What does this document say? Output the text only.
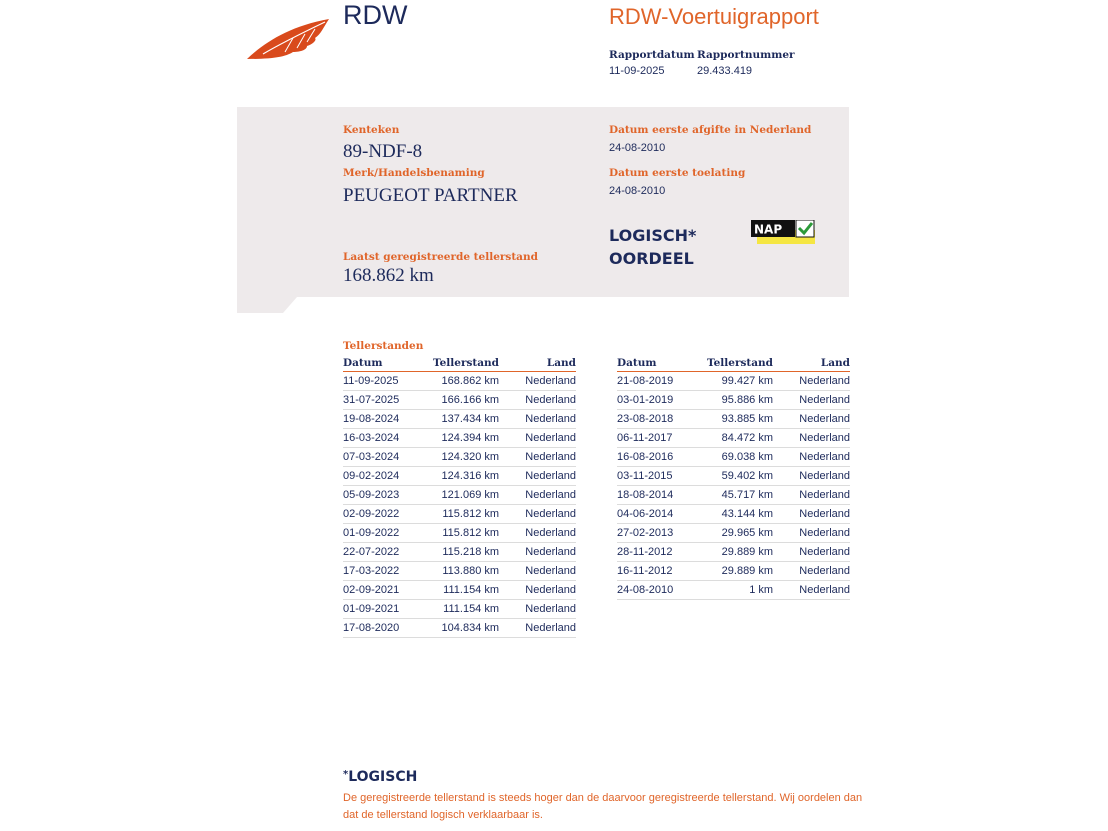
RDW	RDW-Voertuigrapport
Rapportdatum
11-09-2025
Rapportnummer
29.433.419
Kenteken
89-NDF-8
Merk/Handelsbenaming
PEUGEOT PARTNER
Laatst geregistreerde tellerstand
168.862 km
Datum eerste afgifte in Nederland
24-08-2010
Datum eerste toelating
24-08-2010
LOGISCH*
OORDEEL
NAP
Tellerstanden
Datum	Tellerstand	Land
11-09-2025	168.862 km	Nederland
31-07-2025	166.166 km	Nederland
19-08-2024	137.434 km	Nederland
16-03-2024	124.394 km	Nederland
07-03-2024	124.320 km	Nederland
09-02-2024	124.316 km	Nederland
05-09-2023	121.069 km	Nederland
02-09-2022	115.812 km	Nederland
01-09-2022	115.812 km	Nederland
22-07-2022	115.218 km	Nederland
17-03-2022	113.880 km	Nederland
02-09-2021	111.154 km	Nederland
01-09-2021	111.154 km	Nederland
17-08-2020	104.834 km	Nederland
Datum	Tellerstand	Land
21-08-2019	99.427 km	Nederland
03-01-2019	95.886 km	Nederland
23-08-2018	93.885 km	Nederland
06-11-2017	84.472 km	Nederland
16-08-2016	69.038 km	Nederland
03-11-2015	59.402 km	Nederland
18-08-2014	45.717 km	Nederland
04-06-2014	43.144 km	Nederland
27-02-2013	29.965 km	Nederland
28-11-2012	29.889 km	Nederland
16-11-2012	29.889 km	Nederland
24-08-2010	1 km	Nederland
*LOGISCH
De geregistreerde tellerstand is steeds hoger dan de daarvoor geregistreerde tellerstand. Wij oordelen dan dat de tellerstand logisch verklaarbaar is.
